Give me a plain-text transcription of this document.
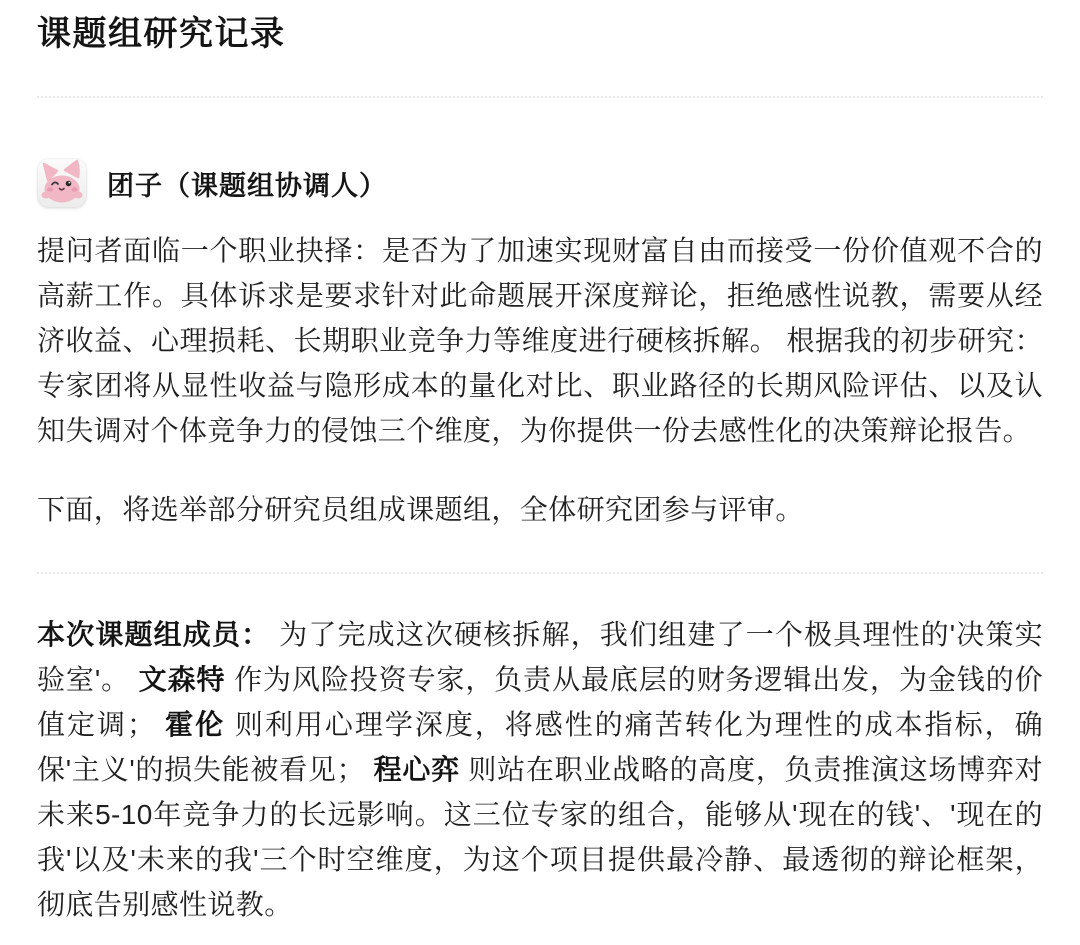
课题组研究记录
团子（课题组协调人）

提问者面临一个职业抉择：是否为了加速实现财富自由而接受一份价值观不合的高薪工作。具体诉求是要求针对此命题展开深度辩论，拒绝感性说教，需要从经济收益、心理损耗、长期职业竞争力等维度进行硬核拆解。 根据我的初步研究：专家团将从显性收益与隐形成本的量化对比、职业路径的长期风险评估、以及认知失调对个体竞争力的侵蚀三个维度，为你提供一份去感性化的决策辩论报告。

下面，将选举部分研究员组成课题组，全体研究团参与评审。

本次课题组成员： 为了完成这次硬核拆解，我们组建了一个极具理性的'决策实验室'。 文森特 作为风险投资专家，负责从最底层的财务逻辑出发，为金钱的价值定调； 霍伦 则利用心理学深度，将感性的痛苦转化为理性的成本指标，确保'主义'的损失能被看见； 程心弈 则站在职业战略的高度，负责推演这场博弈对未来5-10年竞争力的长远影响。这三位专家的组合，能够从'现在的钱'、'现在的我'以及'未来的我'三个时空维度，为这个项目提供最冷静、最透彻的辩论框架，彻底告别感性说教。
